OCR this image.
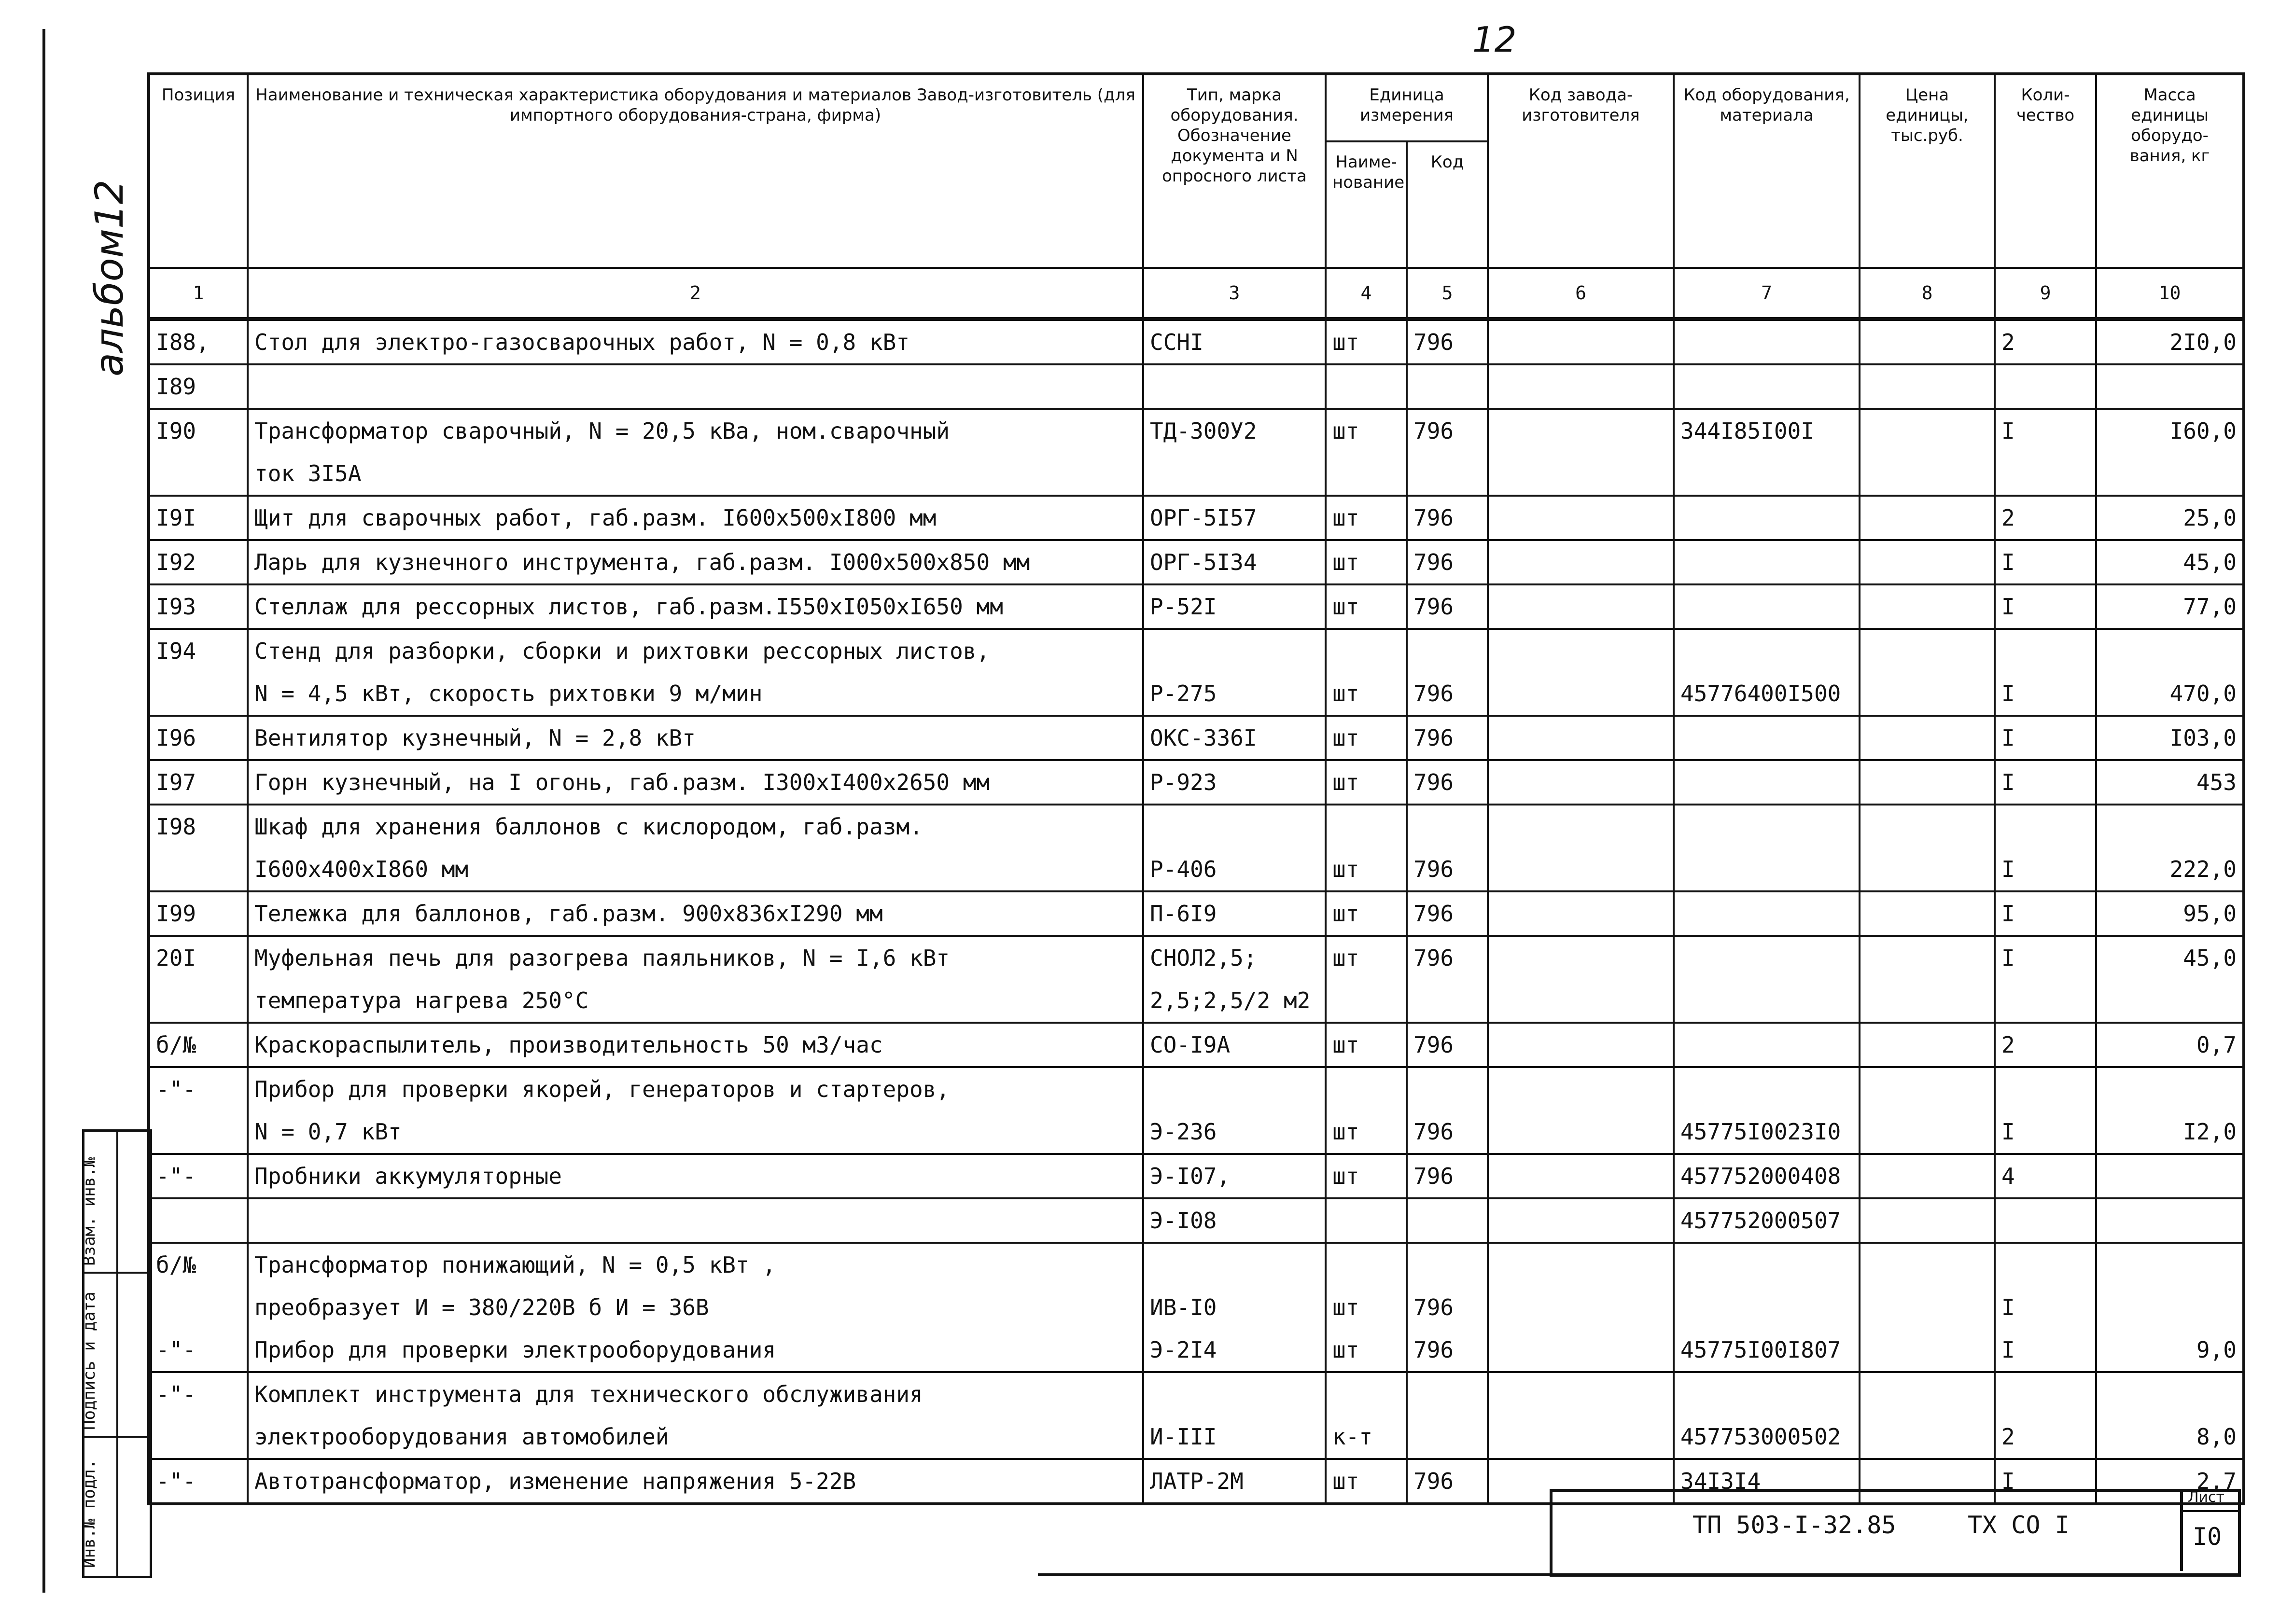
12
альбом12
Позиция	Наименование и техническая характеристика оборудования и материалов Завод-изготовитель (для импортного оборудования-страна, фирма)	Тип, марка оборудования. Обозначение документа и N опросного листа	Единица измерения		Код завода-изготовителя	Код оборудования, материала	Цена единицы, тыс.руб.	Коли-чество	Масса единицы оборудо-вания, кг
			Наиме-нование	Код					
1	2	3	4	5	6	7	8	9	10
I88,	Стол для электро-газосварочных работ, N = 0,8 кВт	ССНI	шт	796				2	2I0,0
I89									
I90	Трансформатор сварочный, N = 20,5 кВа, ном.сварочный	ТД-300У2	шт	796		344I85I00I		I	I60,0
	ток 3I5А								
I9I	Щит для сварочных работ, габ.разм. I600х500хI800 мм	ОРГ-5I57	шт	796				2	25,0
I92	Ларь для кузнечного инструмента, габ.разм. I000х500х850 мм	ОРГ-5I34	шт	796				I	45,0
I93	Стеллаж для рессорных листов, габ.разм.I550хI050хI650 мм	Р-52I	шт	796				I	77,0
I94	Стенд для разборки, сборки и рихтовки рессорных листов,								
	N = 4,5 кВт, скорость рихтовки 9 м/мин	Р-275	шт	796		45776400I500		I	470,0
I96	Вентилятор кузнечный, N = 2,8 кВт	ОКС-336I	шт	796				I	I03,0
I97	Горн кузнечный, на I огонь, габ.разм. I300хI400х2650 мм	Р-923	шт	796				I	453
I98	Шкаф для хранения баллонов с кислородом, габ.разм.								
	I600х400хI860 мм	Р-406	шт	796				I	222,0
I99	Тележка для баллонов, габ.разм. 900х836хI290 мм	П-6I9	шт	796				I	95,0
20I	Муфельная печь для разогрева паяльников, N = I,6 кВт	СНОЛ2,5;	шт	796				I	45,0
	температура нагрева 250°С	2,5;2,5/2 м2							
б/№	Краскораспылитель, производительность 50 м3/час	СО-I9А	шт	796				2	0,7
-"-	Прибор для проверки якорей, генераторов и стартеров,								
	N = 0,7 кВт	Э-236	шт	796		45775I0023I0		I	I2,0
-"-	Пробники аккумуляторные	Э-I07,	шт	796		457752000408		4	
		Э-I08				457752000507			
б/№	Трансформатор понижающий, N = 0,5 кВт ,								
	преобразует И = 380/220В б И = 36В	ИВ-I0	шт	796				I	
-"-	Прибор для проверки электрооборудования	Э-2I4	шт	796		45775I00I807		I	9,0
-"-	Комплект инструмента для технического обслуживания								
	электрооборудования автомобилей	И-III	к-т			457753000502		2	8,0
-"-	Автотрансформатор, изменение напряжения 5-22В	ЛАТР-2М	шт	796		34I3I4		I	2,7
Взам. инв.№
Подпись и дата
Инв.№ подл.	ТП 503-I-32.85	ТХ СО I
Лист
I0
